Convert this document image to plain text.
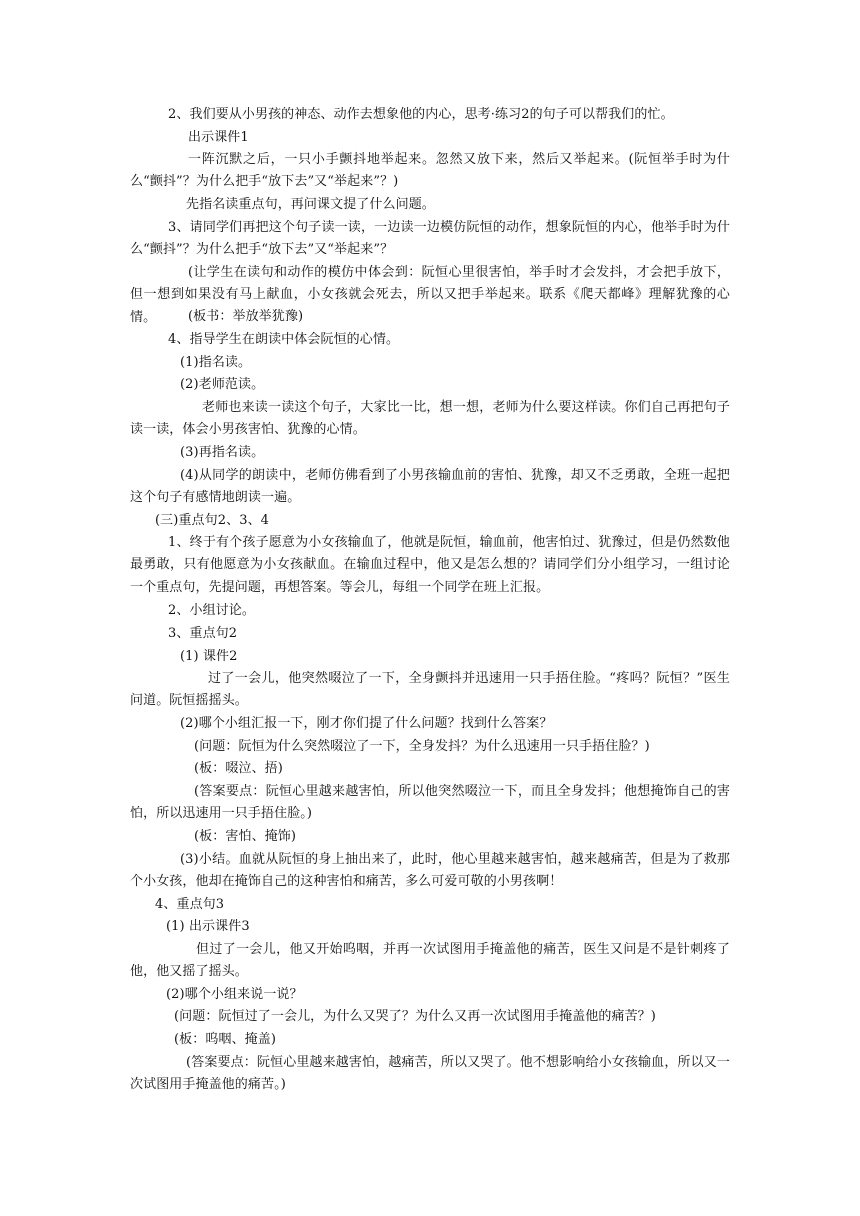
2、我们要从小男孩的神态、动作去想象他的内心，思考·练习2的句子可以帮我们的忙。
出示课件1
一阵沉默之后，一只小手颤抖地举起来。忽然又放下来，然后又举起来。(阮恒举手时为什么“颤抖”？为什么把手“放下去”又“举起来”？)
先指名读重点句，再问课文提了什么问题。
3、请同学们再把这个句子读一读，一边读一边模仿阮恒的动作，想象阮恒的内心，他举手时为什么“颤抖”？为什么把手“放下去”又“举起来”？
(让学生在读句和动作的模仿中体会到：阮恒心里很害怕，举手时才会发抖，才会把手放下，但一想到如果没有马上献血，小女孩就会死去，所以又把手举起来。联系《爬天都峰》理解犹豫的心情。	(板书：举放举犹豫)
4、指导学生在朗读中体会阮恒的心情。
(1)指名读。
(2)老师范读。
老师也来读一读这个句子，大家比一比，想一想，老师为什么要这样读。你们自己再把句子读一读，体会小男孩害怕、犹豫的心情。
(3)再指名读。
(4)从同学的朗读中，老师仿佛看到了小男孩输血前的害怕、犹豫，却又不乏勇敢，全班一起把这个句子有感情地朗读一遍。
(三)重点句2、3、4
1、终于有个孩子愿意为小女孩输血了，他就是阮恒，输血前，他害怕过、犹豫过，但是仍然数他最勇敢，只有他愿意为小女孩献血。在输血过程中，他又是怎么想的？请同学们分小组学习，一组讨论一个重点句，先提问题，再想答案。等会儿，每组一个同学在班上汇报。
2、小组讨论。
3、重点句2
(1) 课件2
过了一会儿，他突然啜泣了一下，全身颤抖并迅速用一只手捂住脸。“疼吗？阮恒？”医生问道。阮恒摇摇头。
(2)哪个小组汇报一下，刚才你们提了什么问题？找到什么答案？
(问题：阮恒为什么突然啜泣了一下，全身发抖？为什么迅速用一只手捂住脸？)
(板：啜泣、捂)
(答案要点：阮恒心里越来越害怕，所以他突然啜泣一下，而且全身发抖；他想掩饰自己的害怕，所以迅速用一只手捂住脸。)
(板：害怕、掩饰)
(3)小结。血就从阮恒的身上抽出来了，此时，他心里越来越害怕，越来越痛苦，但是为了救那个小女孩，他却在掩饰自己的这种害怕和痛苦，多么可爱可敬的小男孩啊！
4、重点句3
(1) 出示课件3
但过了一会儿，他又开始呜咽，并再一次试图用手掩盖他的痛苦，医生又问是不是针刺疼了他，他又摇了摇头。
(2)哪个小组来说一说？
(问题：阮恒过了一会儿，为什么又哭了？为什么又再一次试图用手掩盖他的痛苦？)
(板：呜咽、掩盖)
(答案要点：阮恒心里越来越害怕，越痛苦，所以又哭了。他不想影响给小女孩输血，所以又一次试图用手掩盖他的痛苦。)
